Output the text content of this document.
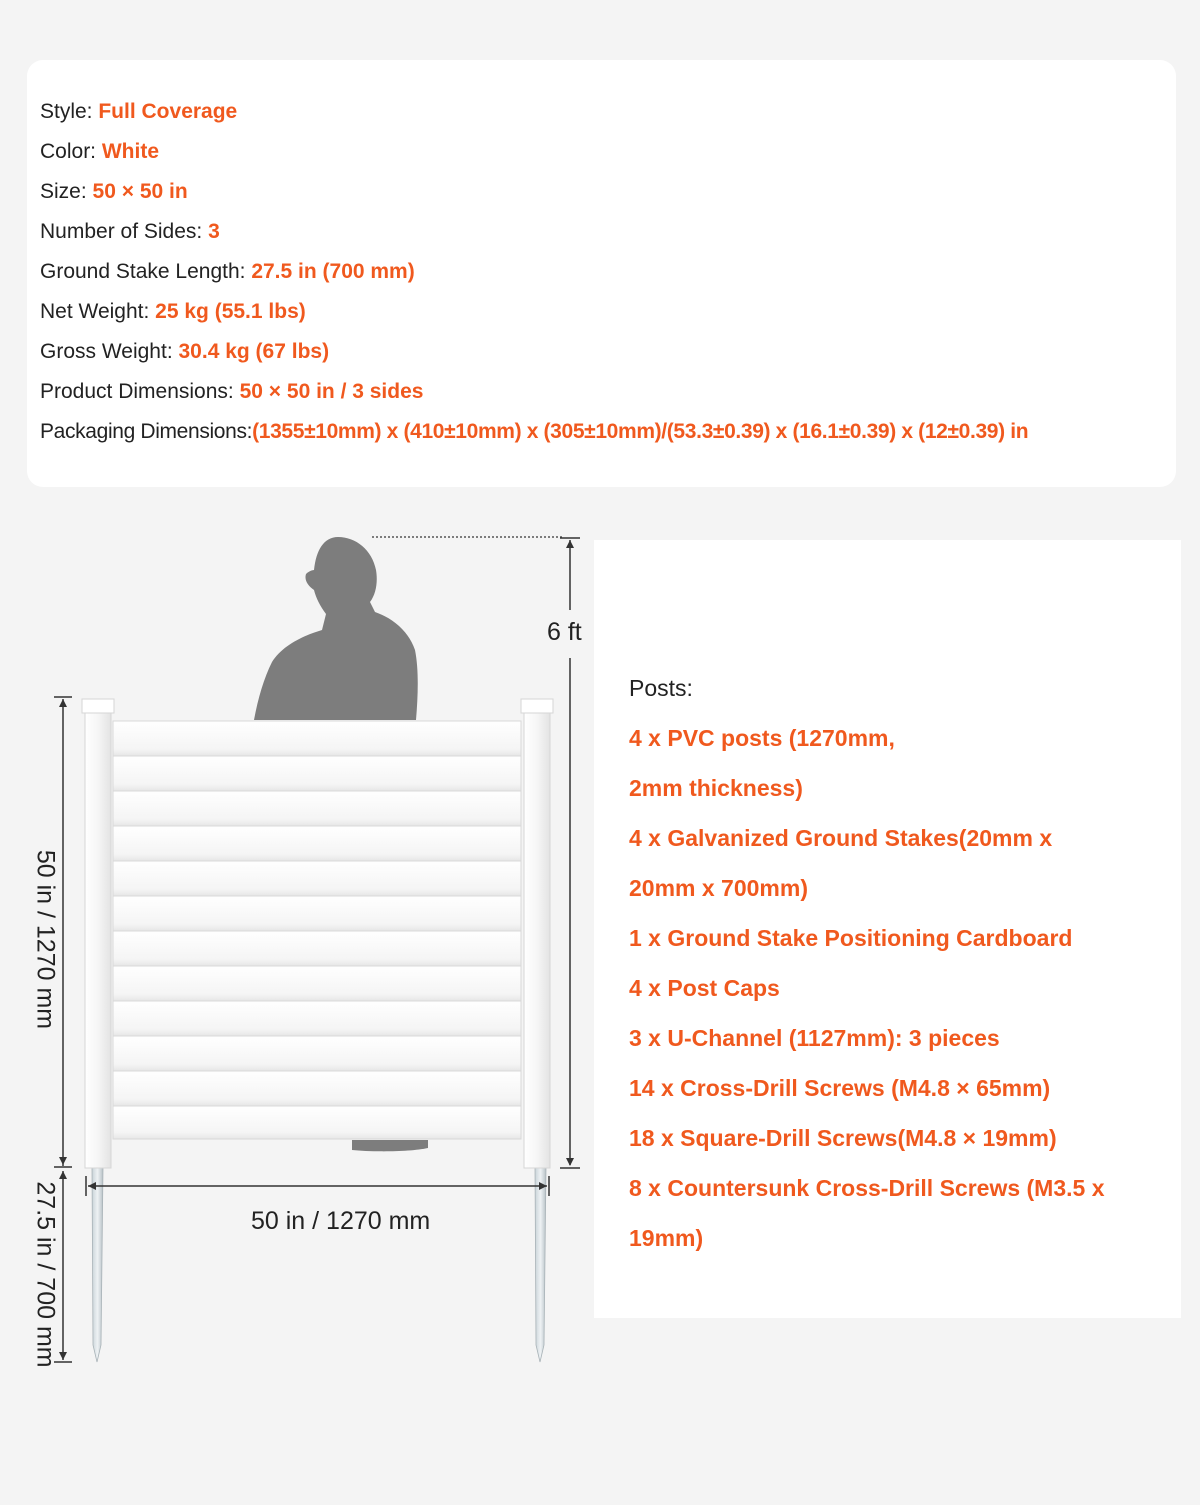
Style: Full Coverage
Color: White
Size: 50 × 50 in
Number of Sides: 3
Ground Stake Length: 27.5 in (700 mm)
Net Weight: 25 kg (55.1 lbs)
Gross Weight: 30.4 kg (67 lbs)
Product Dimensions: 50 × 50 in / 3 sides
Packaging Dimensions:(1355±10mm) x (410±10mm) x (305±10mm)/(53.3±0.39) x (16.1±0.39) x (12±0.39) in
6 ft
50 in / 1270 mm
50 in / 1270 mm
27.5 in / 700 mm
Posts:
4 x PVC posts (1270mm,
2mm thickness)
4 x Galvanized Ground Stakes(20mm x
20mm x 700mm)
1 x Ground Stake Positioning Cardboard
4 x Post Caps
3 x U-Channel (1127mm): 3 pieces
14 x Cross-Drill Screws (M4.8 × 65mm)
18 x Square-Drill Screws(M4.8 × 19mm)
8 x Countersunk Cross-Drill Screws (M3.5 x
19mm)
